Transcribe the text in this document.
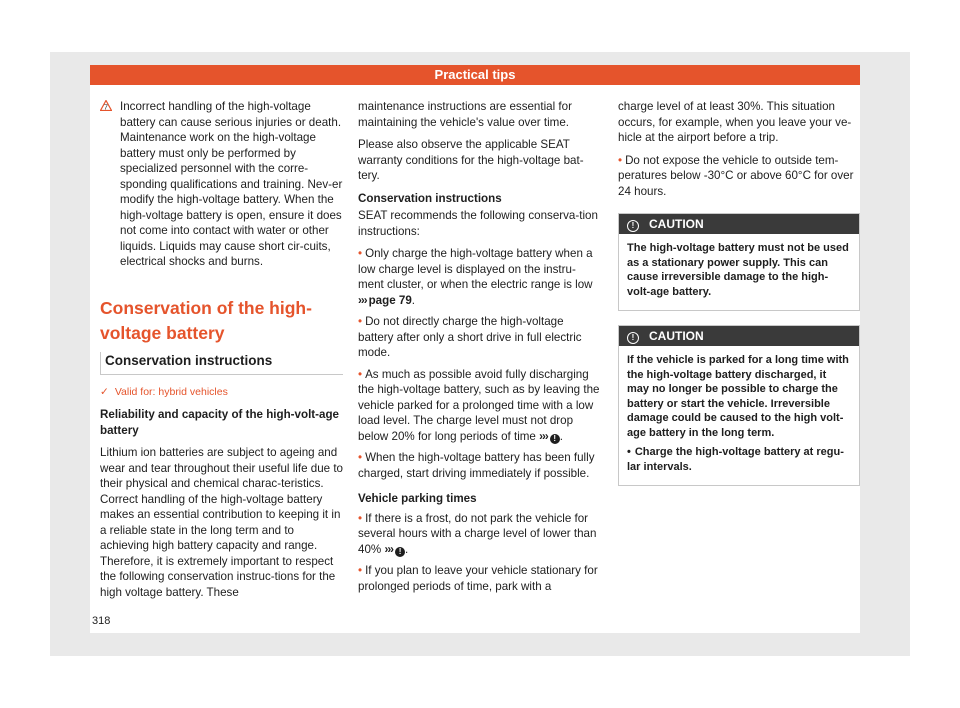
Practical tips
7 Incorrect handling of the high-voltage battery can cause serious injuries or death. Maintenance work on the high-voltage battery must only be performed by specialized personnel with the corre-sponding qualifications and training. Nev-er modify the high-voltage battery. When the high-voltage battery is open, ensure it does not come into contact with water or other liquids. Liquids may cause short cir-cuits, electrical shocks and burns.
Conservation of the high-voltage battery
Conservation instructions
✓ Valid for: hybrid vehicles

Reliability and capacity of the high-volt-age battery

Lithium ion batteries are subject to ageing and wear and tear throughout their useful life due to their physical and chemical charac-teristics. Correct handling of the high-voltage battery makes an essential contribution to keeping it in a reliable state in the long term and to achieving high battery capacity and range. Therefore, it is extremely important to respect the following conservation instruc-tions for the high voltage battery. These

maintenance instructions are essential for maintaining the vehicle's value over time.

Please also observe the applicable SEAT warranty conditions for the high-voltage bat-tery.

Conservation instructions

SEAT recommends the following conserva-tion instructions:

• Only charge the high-voltage battery when a low charge level is displayed on the instru-ment cluster, or when the electric range is low ››› page 79.

• Do not directly charge the high-voltage battery after only a short drive in full electric mode.

• As much as possible avoid fully discharging the high-voltage battery, such as by leaving the vehicle parked for a prolonged time with a low load level. The charge level must not drop below 20% for long periods of time ››› ! .

• When the high-voltage battery has been fully charged, start driving immediately if possible.

Vehicle parking times

• If there is a frost, do not park the vehicle for several hours with a charge level of lower than 40% ››› ! .

• If you plan to leave your vehicle stationary for prolonged periods of time, park with a

charge level of at least 30%. This situation occurs, for example, when you leave your ve-hicle at the airport before a trip.

• Do not expose the vehicle to outside tem-peratures below -30°C or above 60°C for over 24 hours.

! CAUTION

The high-voltage battery must not be used as a stationary power supply. This can cause irreversible damage to the high-volt-age battery.

! CAUTION

If the vehicle is parked for a long time with the high-voltage battery discharged, it may no longer be possible to charge the battery or start the vehicle. Irreversible damage could be caused to the high volt-age battery in the long term.

• Charge the high-voltage battery at regu-lar intervals.

318
